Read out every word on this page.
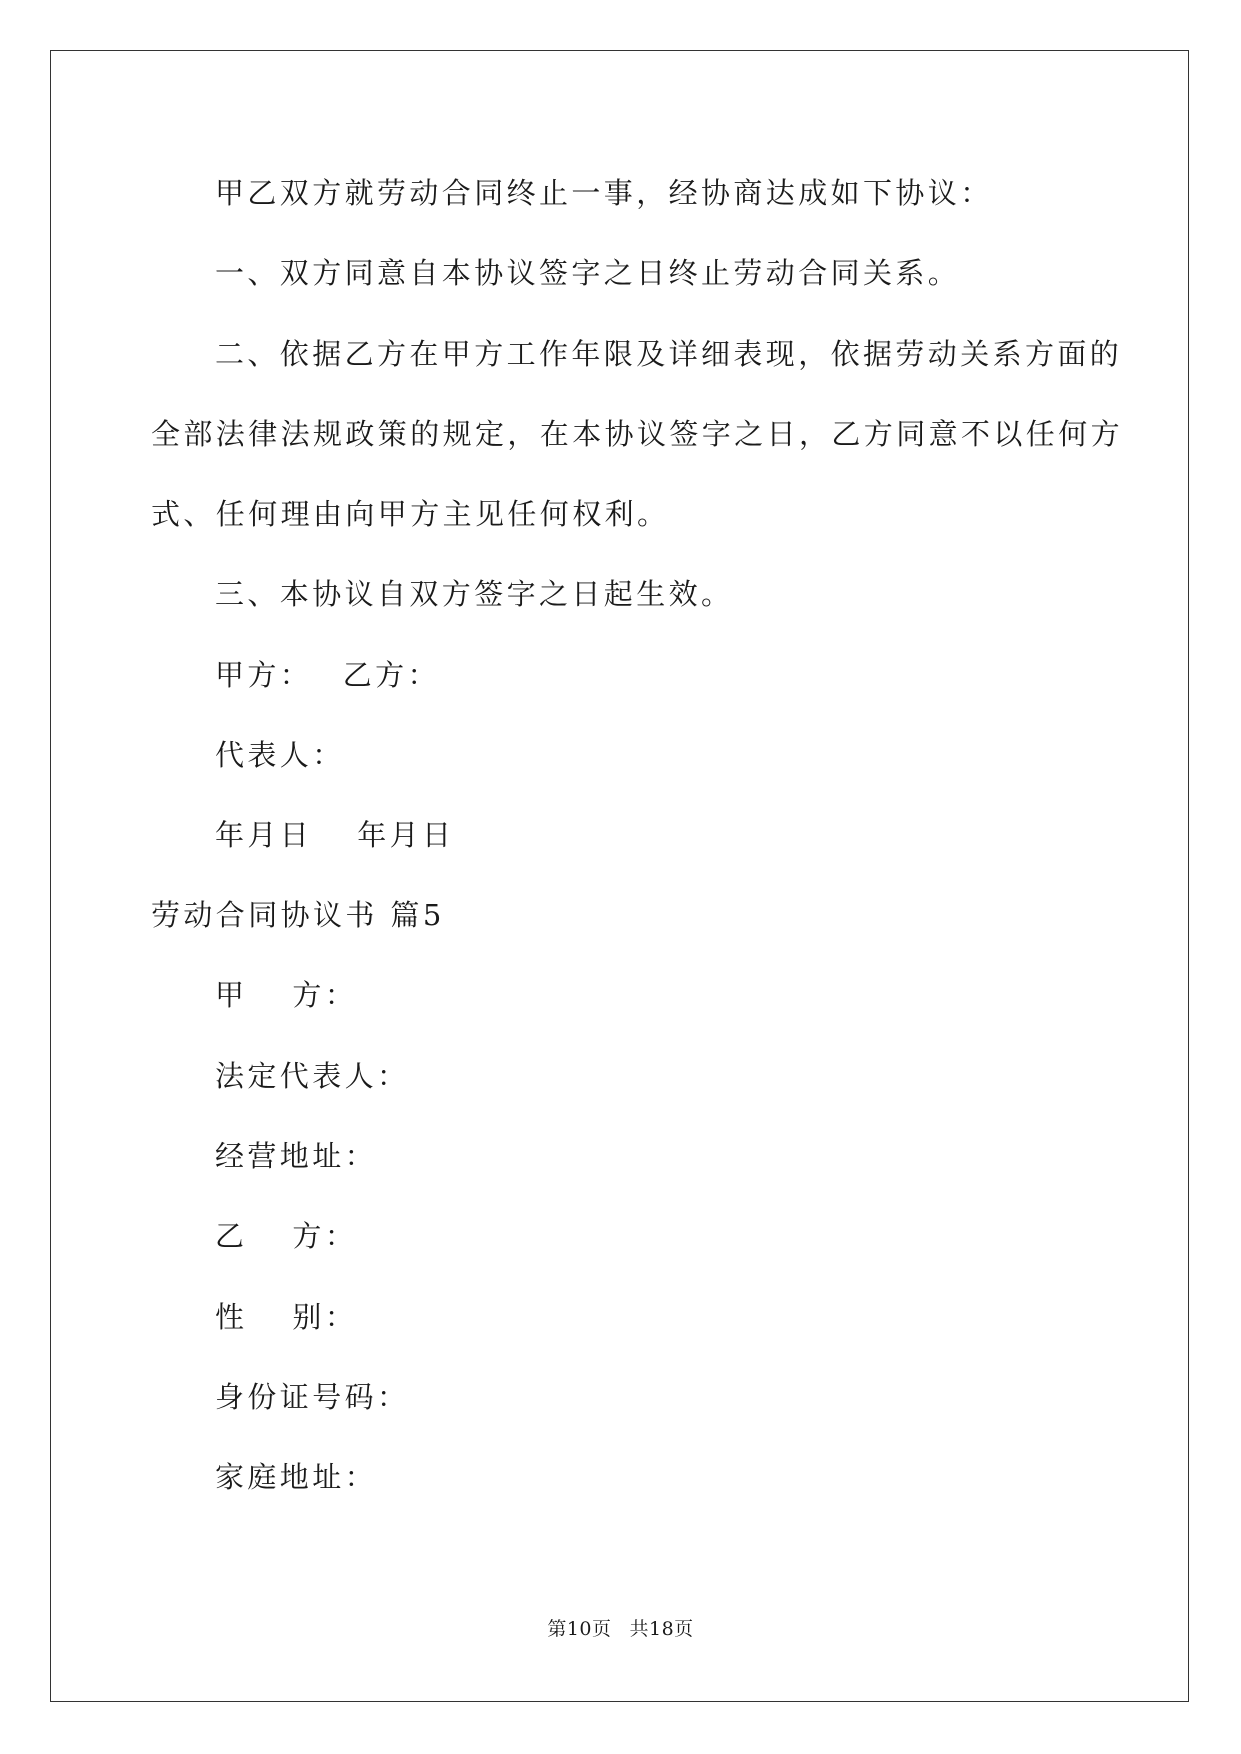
甲乙双方就劳动合同终止一事，经协商达成如下协议：
一、双方同意自本协议签字之日终止劳动合同关系。
二、依据乙方在甲方工作年限及详细表现，依据劳动关系方面的
全部法律法规政策的规定，在本协议签字之日，乙方同意不以任何方
式、任何理由向甲方主见任何权利。
三、本协议自双方签字之日起生效。
甲方：　 乙方：
代表人：
年月日　 年月日
劳动合同协议书 篇5
甲　 方：
法定代表人：
经营地址：
乙　 方：
性　 别：
身份证号码：
家庭地址：
第10页 共18页
